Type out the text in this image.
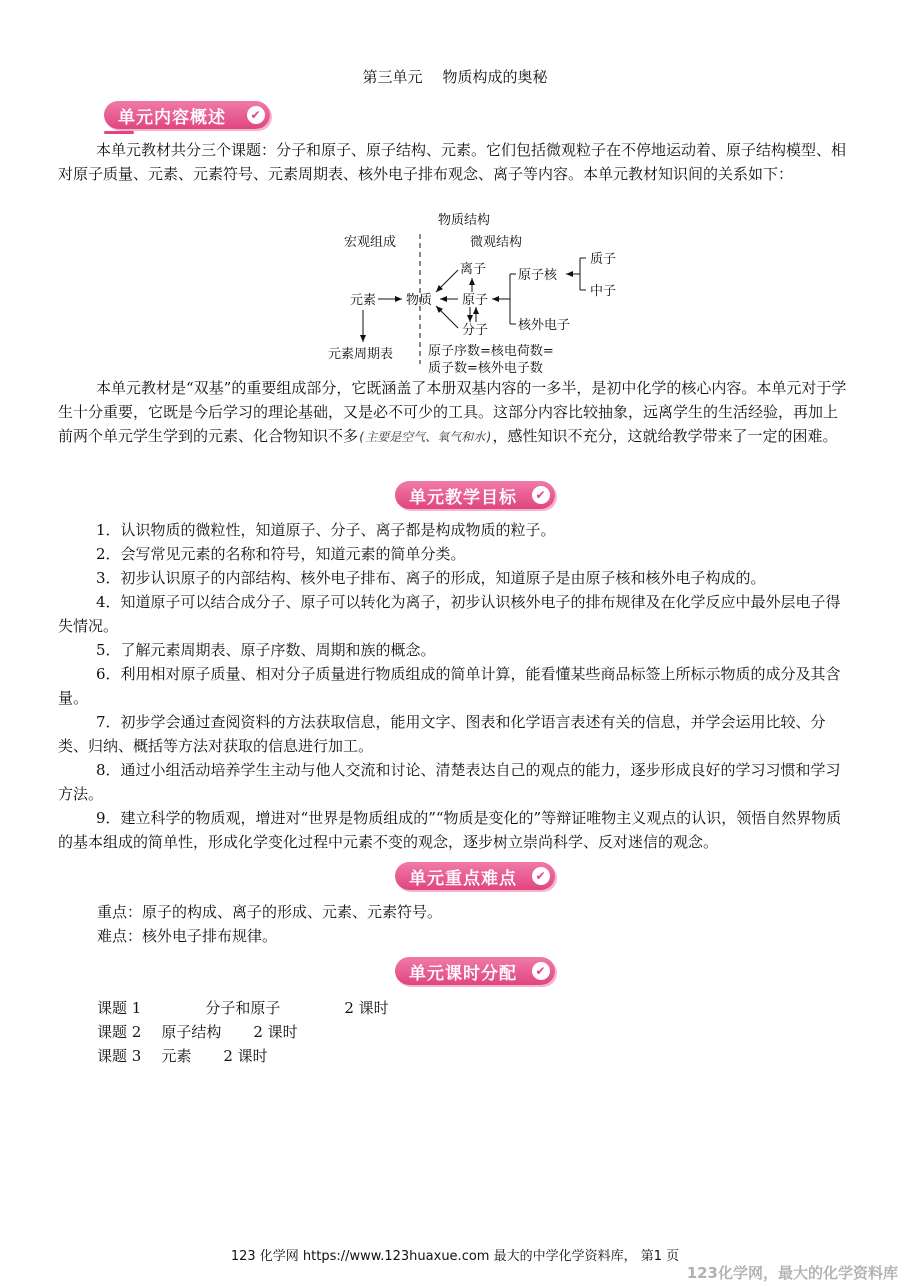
第三单元 物质构成的奥秘
单元内容概述 ✔

本单元教材共分三个课题：分子和原子、原子结构、元素。它们包括微观粒子在不停地运动着、原子结构模型、相对原子质量、元素、元素符号、元素周期表、核外电子排布观念、离子等内容。本单元教材知识间的关系如下：

物质结构
宏观组成	微观结构
元素 物质
元素周期表
离子
原子
分子
原子核
核外电子
质子
中子
原子序数=核电荷数=
质子数=核外电子数

本单元教材是“双基”的重要组成部分，它既涵盖了本册双基内容的一多半，是初中化学的核心内容。本单元对于学生十分重要，它既是今后学习的理论基础，又是必不可少的工具。这部分内容比较抽象，远离学生的生活经验，再加上前两个单元学生学到的元素、化合物知识不多(主要是空气、氧气和水)，感性知识不充分，这就给教学带来了一定的困难。

单元教学目标 ✔

1．认识物质的微粒性，知道原子、分子、离子都是构成物质的粒子。

2．会写常见元素的名称和符号，知道元素的简单分类。

3．初步认识原子的内部结构、核外电子排布、离子的形成，知道原子是由原子核和核外电子构成的。

4．知道原子可以结合成分子、原子可以转化为离子，初步认识核外电子的排布规律及在化学反应中最外层电子得失情况。

5．了解元素周期表、原子序数、周期和族的概念。

6．利用相对原子质量、相对分子质量进行物质组成的简单计算，能看懂某些商品标签上所标示物质的成分及其含量。

7．初步学会通过查阅资料的方法获取信息，能用文字、图表和化学语言表述有关的信息，并学会运用比较、分类、归纳、概括等方法对获取的信息进行加工。

8．通过小组活动培养学生主动与他人交流和讨论、清楚表达自己的观点的能力，逐步形成良好的学习习惯和学习方法。

9．建立科学的物质观，增进对“世界是物质组成的”“物质是变化的”等辩证唯物主义观点的认识，领悟自然界物质的基本组成的简单性，形成化学变化过程中元素不变的观念，逐步树立崇尚科学、反对迷信的观念。

单元重点难点 ✔
重点：原子的构成、离子的形成、元素、元素符号。
难点：核外电子排布规律。
单元课时分配 ✔
课题 1	分子和原子	2 课时
课题 2 原子结构 2 课时
课题 3 元素 2 课时
123 化学网 https://www.123huaxue.com 最大的中学化学资料库， 第1 页
123化学网，最大的化学资料库
